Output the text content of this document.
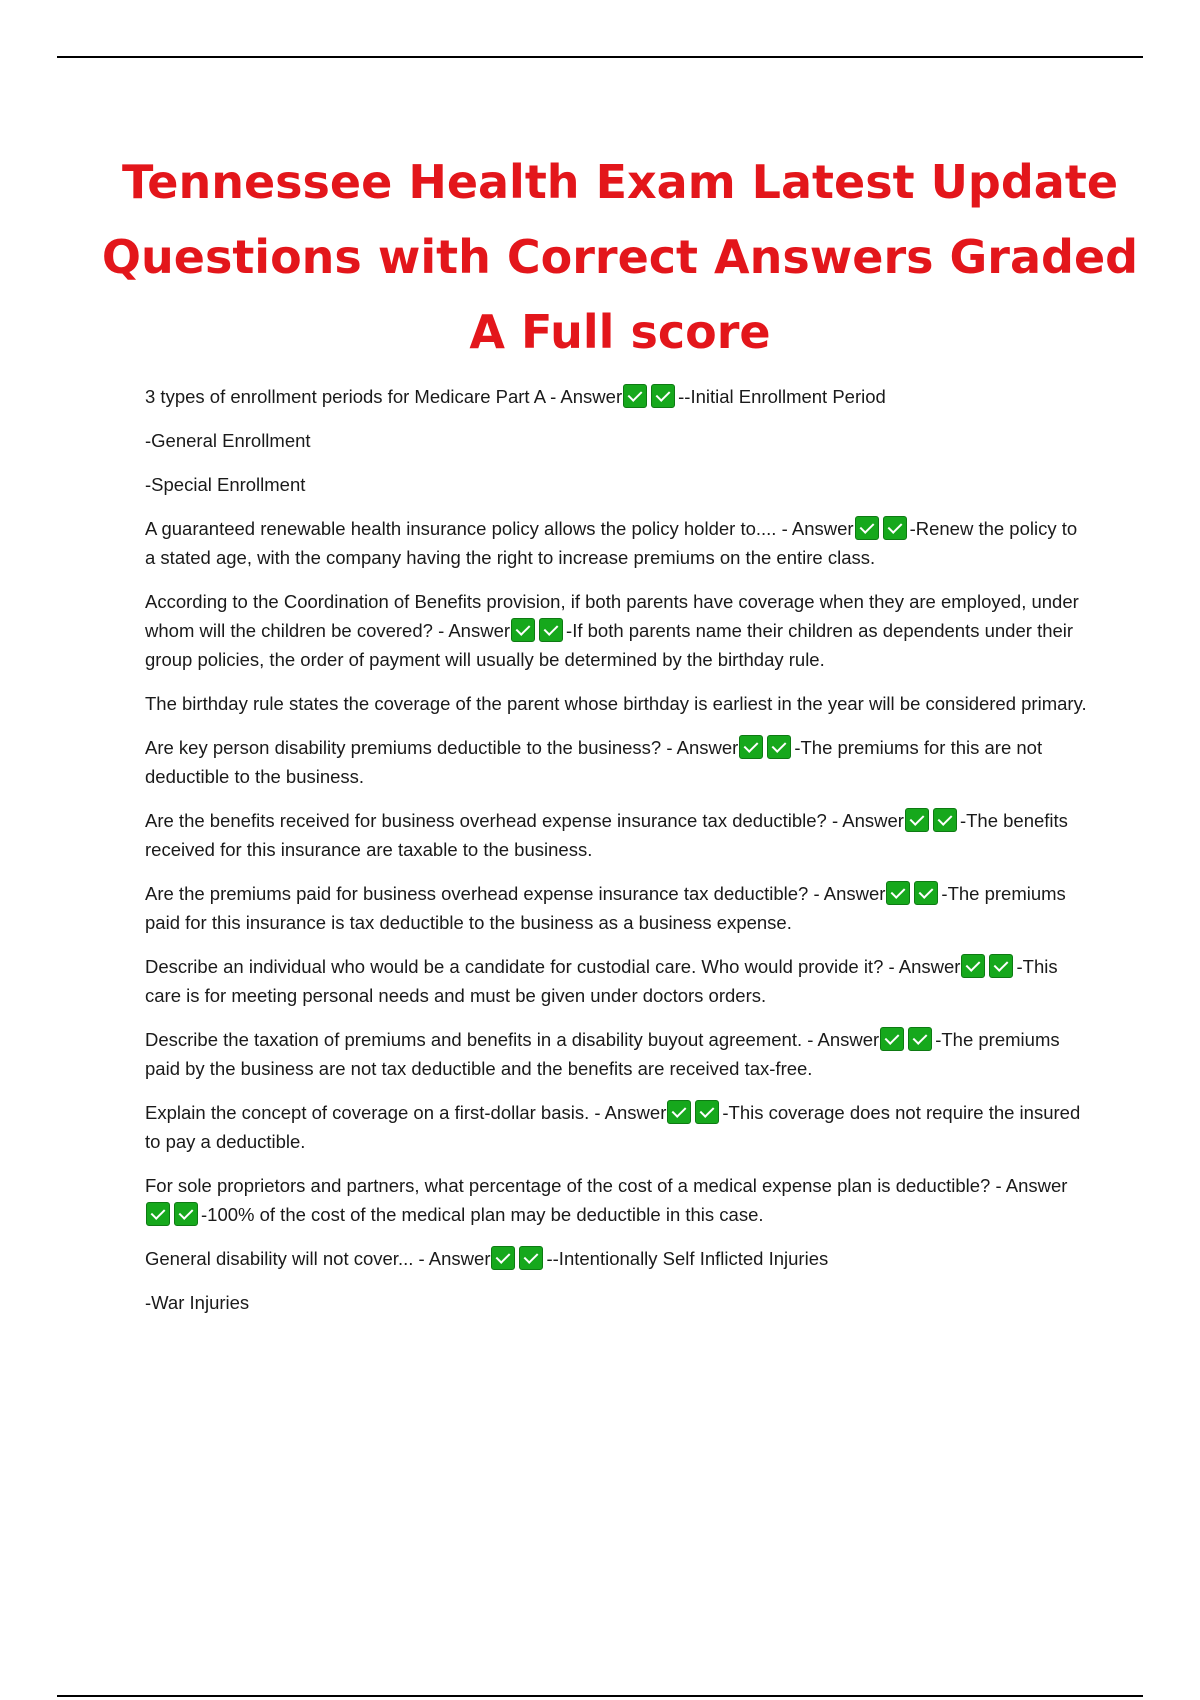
Tennessee Health Exam Latest Update Questions with Correct Answers Graded A Full score

3 types of enrollment periods for Medicare Part A - Answer	--Initial Enrollment Period

-General Enrollment

-Special Enrollment

A guaranteed renewable health insurance policy allows the policy holder to.... - Answer	-Renew the policy to a stated age, with the company having the right to increase premiums on the entire class.

According to the Coordination of Benefits provision, if both parents have coverage when they are employed, under whom will the children be covered? - Answer	-If both parents name their children as dependents under their group policies, the order of payment will usually be determined by the birthday rule.

The birthday rule states the coverage of the parent whose birthday is earliest in the year will be considered primary.

Are key person disability premiums deductible to the business? - Answer	-The premiums for this are not deductible to the business.

Are the benefits received for business overhead expense insurance tax deductible? - Answer	-The benefits received for this insurance are taxable to the business.

Are the premiums paid for business overhead expense insurance tax deductible? - Answer	-The premiums paid for this insurance is tax deductible to the business as a business expense.

Describe an individual who would be a candidate for custodial care. Who would provide it? - Answer	-This care is for meeting personal needs and must be given under doctors orders.

Describe the taxation of premiums and benefits in a disability buyout agreement. - Answer	-The premiums paid by the business are not tax deductible and the benefits are received tax-free.

Explain the concept of coverage on a first-dollar basis. - Answer	-This coverage does not require the insured to pay a deductible.

For sole proprietors and partners, what percentage of the cost of a medical expense plan is deductible? - Answer-100% of the cost of the medical plan may be deductible in this case.

General disability will not cover... - Answer	--Intentionally Self Inflicted Injuries

-War Injuries
